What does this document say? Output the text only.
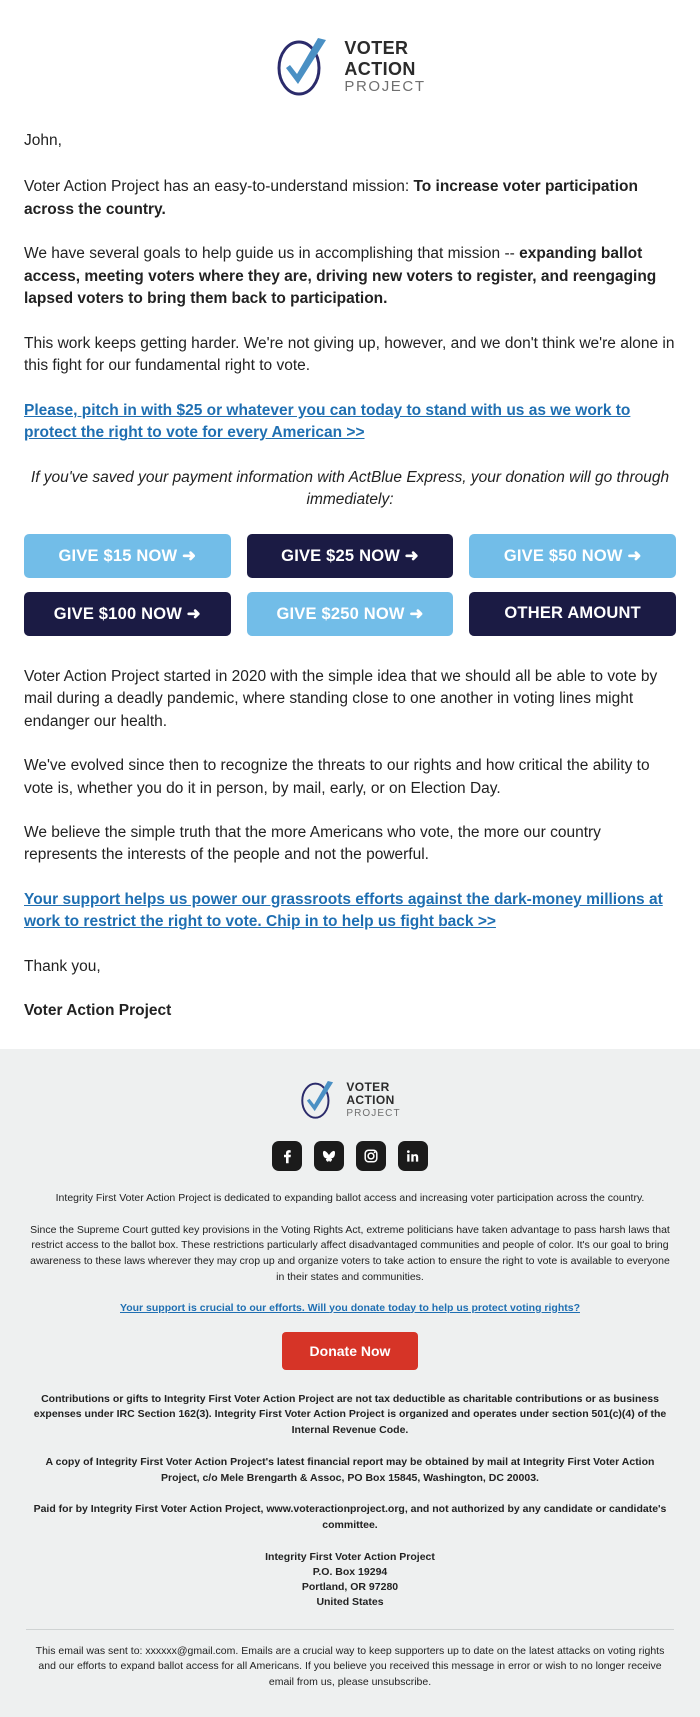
VOTER
ACTION
PROJECT

John,

Voter Action Project has an easy-to-understand mission: To increase voter participation across the country.

We have several goals to help guide us in accomplishing that mission -- expanding ballot access, meeting voters where they are, driving new voters to register, and reengaging lapsed voters to bring them back to participation.

This work keeps getting harder. We're not giving up, however, and we don't think we're alone in this fight for our fundamental right to vote.

Please, pitch in with $25 or whatever you can today to stand with us as we work to protect the right to vote for every American >>

If you've saved your payment information with ActBlue Express, your donation will go through immediately:

GIVE $15 NOW ➜	GIVE $25 NOW ➜	GIVE $50 NOW ➜
GIVE $100 NOW ➜	GIVE $250 NOW ➜	OTHER AMOUNT

Voter Action Project started in 2020 with the simple idea that we should all be able to vote by mail during a deadly pandemic, where standing close to one another in voting lines might endanger our health.

We've evolved since then to recognize the threats to our rights and how critical the ability to vote is, whether you do it in person, by mail, early, or on Election Day.

We believe the simple truth that the more Americans who vote, the more our country represents the interests of the people and not the powerful.

Your support helps us power our grassroots efforts against the dark-money millions at work to restrict the right to vote. Chip in to help us fight back >>

Thank you,

Voter Action Project

VOTER
ACTION
PROJECT

Integrity First Voter Action Project is dedicated to expanding ballot access and increasing voter participation across the country.

Since the Supreme Court gutted key provisions in the Voting Rights Act, extreme politicians have taken advantage to pass harsh laws that restrict access to the ballot box. These restrictions particularly affect disadvantaged communities and people of color. It's our goal to bring awareness to these laws wherever they may crop up and organize voters to take action to ensure the right to vote is available to everyone in their states and communities.

Your support is crucial to our efforts. Will you donate today to help us protect voting rights?
Donate Now

Contributions or gifts to Integrity First Voter Action Project are not tax deductible as charitable contributions or as business expenses under IRC Section 162(3). Integrity First Voter Action Project is organized and operates under section 501(c)(4) of the Internal Revenue Code.

A copy of Integrity First Voter Action Project's latest financial report may be obtained by mail at Integrity First Voter Action Project, c/o Mele Brengarth & Assoc, PO Box 15845, Washington, DC 20003.

Paid for by Integrity First Voter Action Project, www.voteractionproject.org, and not authorized by any candidate or candidate's committee.

Integrity First Voter Action Project
P.O. Box 19294
Portland, OR 97280
United States

This email was sent to: xxxxxx@gmail.com. Emails are a crucial way to keep supporters up to date on the latest attacks on voting rights and our efforts to expand ballot access for all Americans. If you believe you received this message in error or wish to no longer receive email from us, please unsubscribe.
